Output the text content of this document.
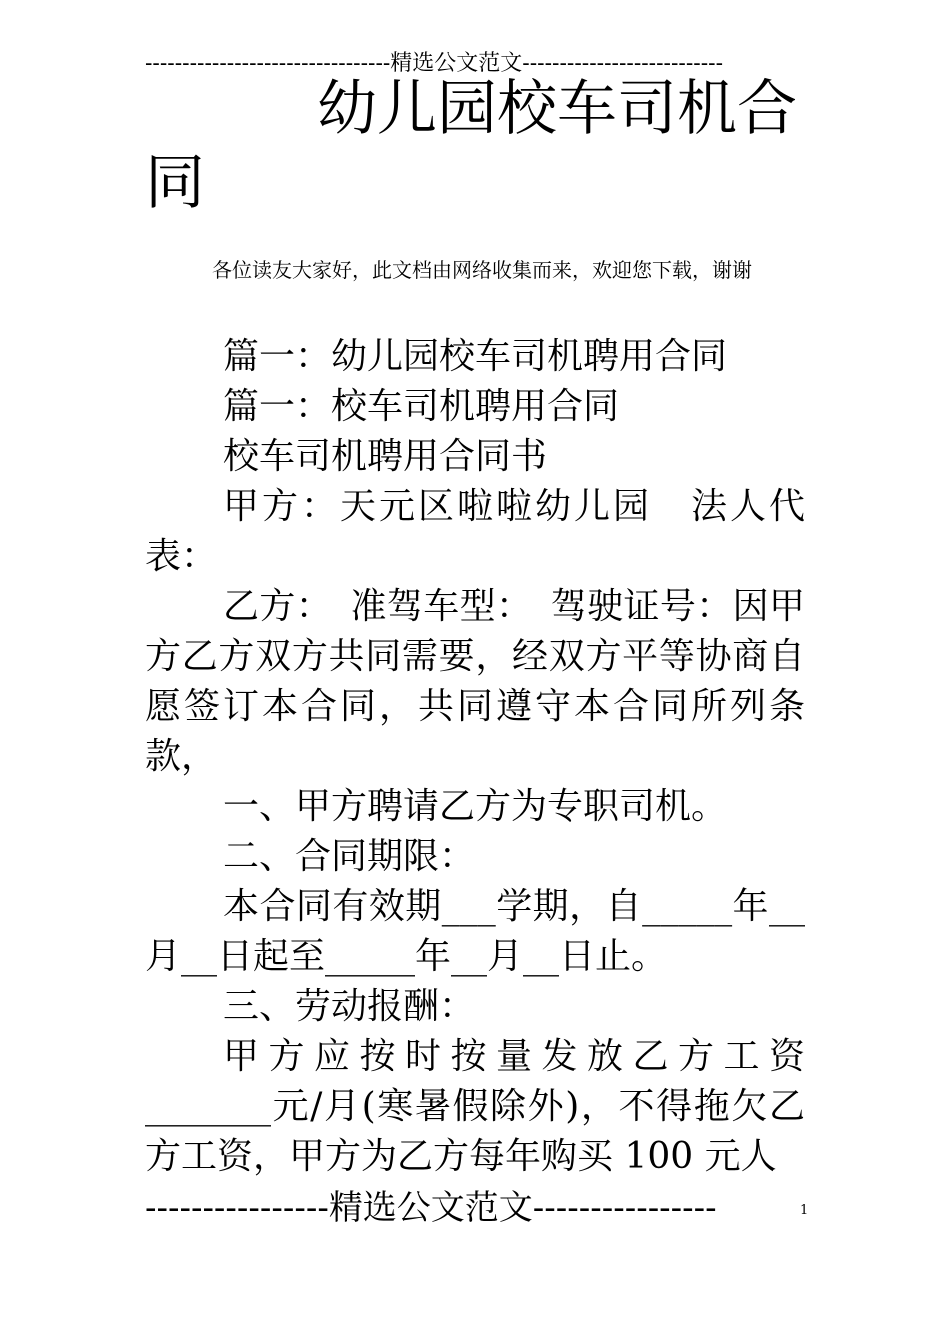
---------------------------------精选公文范文---------------------------
幼儿园校车司机合同
各位读友大家好，此文档由网络收集而来，欢迎您下载，谢谢

篇一：幼儿园校车司机聘用合同

篇一：校车司机聘用合同

校车司机聘用合同书

甲方：天元区啦啦幼儿园　法人代表：

乙方：　准驾车型：　驾驶证号：因甲方乙方双方共同需要，经双方平等协商自愿签订本合同，共同遵守本合同所列条款，

一、甲方聘请乙方为专职司机。

二、合同期限：

本合同有效期___学期，自_____年__月__日起至_____年__月__日止。

三、劳动报酬：

甲方应按时按量发放乙方工资_______元/月(寒暑假除外)，不得拖欠乙方工资，甲方为乙方每年购买 100 元人

----------------精选公文范文----------------	1
